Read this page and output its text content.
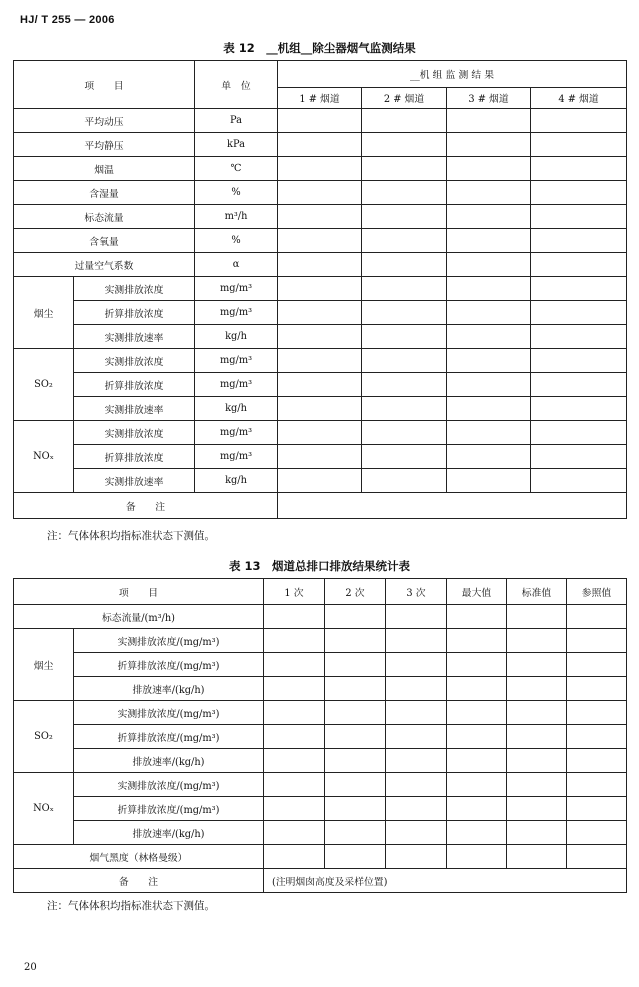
HJ/ T 255 — 2006
表 12　__机组__除尘器烟气监测结果
项　　目		单　位	__机 组 监 测 结 果			
			1 # 烟道	2 # 烟道	3 # 烟道	4 # 烟道
平均动压		Pa				
平均静压		kPa				
烟温		℃				
含湿量		%				
标态流量		m³/h				
含氧量		%				
过量空气系数		α				
烟尘	实测排放浓度	mg/m³				
	折算排放浓度	mg/m³				
	实测排放速率	kg/h				
SO₂	实测排放浓度	mg/m³				
	折算排放浓度	mg/m³				
	实测排放速率	kg/h				
NOₓ	实测排放浓度	mg/m³				
	折算排放浓度	mg/m³				
	实测排放速率	kg/h				
备　　注						
注：气体体积均指标准状态下测值。
表 13　烟道总排口排放结果统计表
项　　目		1 次	2 次	3 次	最大值	标准值	参照值
标态流量/(m³/h)							
烟尘	实测排放浓度/(mg/m³)						
	折算排放浓度/(mg/m³)						
	排放速率/(kg/h)						
SO₂	实测排放浓度/(mg/m³)						
	折算排放浓度/(mg/m³)						
	排放速率/(kg/h)						
NOₓ	实测排放浓度/(mg/m³)						
	折算排放浓度/(mg/m³)						
	排放速率/(kg/h)						
烟气黑度（林格曼级）							
备　　注		(注明烟囱高度及采样位置)					
注：气体体积均指标准状态下测值。
20
